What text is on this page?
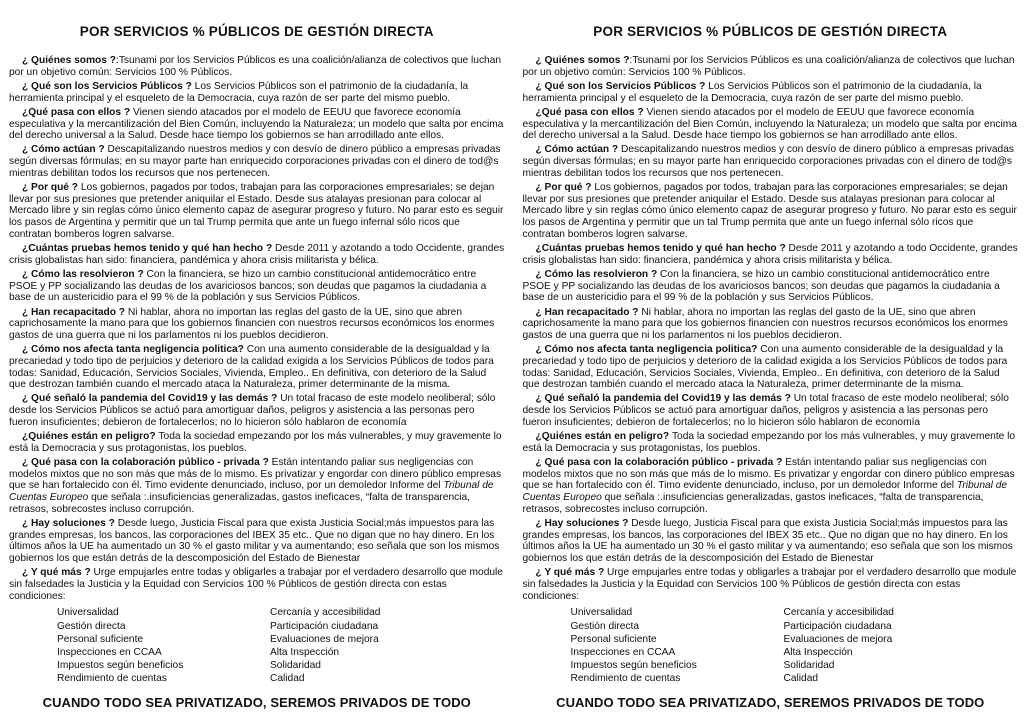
POR SERVICIOS % PÚBLICOS DE GESTIÓN DIRECTA

¿ Quiénes somos ?:Tsunami por los Servicios Públicos es una coalición/alianza de colectivos que luchan por un objetivo común: Servicios 100 % Públicos.

¿ Qué son los Servicios Públicos ? Los Servicios Públicos son el patrimonio de la ciudadanía, la herramienta principal y el esqueleto de la Democracia, cuya razón de ser parte del mismo pueblo.

¿Qué pasa con ellos ? Vienen siendo atacados por el modelo de EEUU que favorece economía especulativa y la mercantilización del Bien Común, incluyendo la Naturaleza; un modelo que salta por encima del derecho universal a la Salud. Desde hace tiempo los gobiernos se han arrodillado ante ellos.

¿ Cómo actúan ? Descapitalizando nuestros medios y con desvío de dinero público a empresas privadas según diversas fórmulas; en su mayor parte han enriquecido corporaciones privadas con el dinero de tod@s mientras debilitan todos los recursos que nos pertenecen.

¿ Por qué ? Los gobiernos, pagados por todos, trabajan para las corporaciones empresariales; se dejan llevar por sus presiones que pretender aniquilar el Estado. Desde sus atalayas presionan para colocar al Mercado libre y sin reglas cómo único elemento capaz de asegurar progreso y futuro. No parar esto es seguir los pasos de Argentina y permitir que un tal Trump permita que ante un fuego infernal sólo ricos que contratan bomberos logren salvarse.

¿Cuántas pruebas hemos tenido y qué han hecho ? Desde 2011 y azotando a todo Occidente, grandes crisis globalistas han sido: financiera, pandémica y ahora crisis militarista y bélica.

¿ Cómo las resolvieron ? Con la financiera, se hizo un cambio constitucional antidemocrático entre PSOE y PP socializando las deudas de los avariciosos bancos; son deudas que pagamos la ciudadania a base de un austericidio para el 99 % de la población y sus Servicios Públicos.

¿ Han recapacitado ? Ni hablar, ahora no importan las reglas del gasto de la UE, sino que abren caprichosamente la mano para que los gobiernos financien con nuestros recursos económicos los enormes gastos de una guerra que ni los parlamentos ni los pueblos decidieron.

¿ Cómo nos afecta tanta negligencia politica? Con una aumento considerable de la desigualdad y la precariedad y todo tipo de perjuicios y deterioro de la calidad exigida a los Servicios Públicos de todos para todas: Sanidad, Educación, Servicios Sociales, Vivienda, Empleo.. En definitiva, con deterioro de la Salud que destrozan también cuando el mercado ataca la Naturaleza, primer determinante de la misma.

¿ Qué señaló la pandemia del Covid19 y las demás ? Un total fracaso de este modelo neoliberal; sólo desde los Servicios Públicos se actuó para amortiguar daños, peligros y asistencia a las personas pero fueron insuficientes; debieron de fortalecerlos; no lo hicieron sólo hablaron de economía

¿Quiénes están en peligro? Toda la sociedad empezando por los más vulnerables, y muy gravemente lo está la Democracia y sus protagonistas, los pueblos.

¿ Qué pasa con la colaboración público - privada ? Están intentando paliar sus negligencias con modelos mixtos que no son más que más de lo mismo. Es privatizar y engordar con dinero público empresas que se han fortalecido con él. Timo evidente denunciado, incluso, por un demoledor Informe del Tribunal de Cuentas Europeo que señala :.insuficiencias generalizadas, gastos ineficaces, “falta de transparencia, retrasos, sobrecostes incluso corrupción.

¿ Hay soluciones ? Desde luego, Justicia Fiscal para que exista Justicia Social;más impuestos para las grandes empresas, los bancos, las corporaciones del IBEX 35 etc.. Que no digan que no hay dinero. En los últimos años la UE ha aumentado un 30 % el gasto militar y va aumentando; eso señala que son los mismos gobiernos los que están detrás de la descomposición del Estado de Bienestar

¿ Y qué más ? Urge empujarles entre todas y obligarles a trabajar por el verdadero desarrollo que module sin falsedades la Justicia y la Equidad con Servicios 100 % Públicos de gestión directa con estas condiciones:

Universalidad
Gestión directa
Personal suficiente
Inspecciones en CCAA
Impuestos según beneficios
Rendimiento de cuentas
Cercanía y accesibilidad
Participación ciudadana
Evaluaciones de mejora
Alta Inspección
Solidaridad
Calidad
CUANDO TODO SEA PRIVATIZADO, SEREMOS PRIVADOS DE TODO
POR SERVICIOS % PÚBLICOS DE GESTIÓN DIRECTA

¿ Quiénes somos ?:Tsunami por los Servicios Públicos es una coalición/alianza de colectivos que luchan por un objetivo común: Servicios 100 % Públicos.

¿ Qué son los Servicios Públicos ? Los Servicios Públicos son el patrimonio de la ciudadanía, la herramienta principal y el esqueleto de la Democracia, cuya razón de ser parte del mismo pueblo.

¿Qué pasa con ellos ? Vienen siendo atacados por el modelo de EEUU que favorece economía especulativa y la mercantilización del Bien Común, incluyendo la Naturaleza; un modelo que salta por encima del derecho universal a la Salud. Desde hace tiempo los gobiernos se han arrodillado ante ellos.

¿ Cómo actúan ? Descapitalizando nuestros medios y con desvío de dinero público a empresas privadas según diversas fórmulas; en su mayor parte han enriquecido corporaciones privadas con el dinero de tod@s mientras debilitan todos los recursos que nos pertenecen.

¿ Por qué ? Los gobiernos, pagados por todos, trabajan para las corporaciones empresariales; se dejan llevar por sus presiones que pretender aniquilar el Estado. Desde sus atalayas presionan para colocar al Mercado libre y sin reglas cómo único elemento capaz de asegurar progreso y futuro. No parar esto es seguir los pasos de Argentina y permitir que un tal Trump permita que ante un fuego infernal sólo ricos que contratan bomberos logren salvarse.

¿Cuántas pruebas hemos tenido y qué han hecho ? Desde 2011 y azotando a todo Occidente, grandes crisis globalistas han sido: financiera, pandémica y ahora crisis militarista y bélica.

¿ Cómo las resolvieron ? Con la financiera, se hizo un cambio constitucional antidemocrático entre PSOE y PP socializando las deudas de los avariciosos bancos; son deudas que pagamos la ciudadania a base de un austericidio para el 99 % de la población y sus Servicios Públicos.

¿ Han recapacitado ? Ni hablar, ahora no importan las reglas del gasto de la UE, sino que abren caprichosamente la mano para que los gobiernos financien con nuestros recursos económicos los enormes gastos de una guerra que ni los parlamentos ni los pueblos decidieron.

¿ Cómo nos afecta tanta negligencia politica? Con una aumento considerable de la desigualdad y la precariedad y todo tipo de perjuicios y deterioro de la calidad exigida a los Servicios Públicos de todos para todas: Sanidad, Educación, Servicios Sociales, Vivienda, Empleo.. En definitiva, con deterioro de la Salud que destrozan también cuando el mercado ataca la Naturaleza, primer determinante de la misma.

¿ Qué señaló la pandemia del Covid19 y las demás ? Un total fracaso de este modelo neoliberal; sólo desde los Servicios Públicos se actuó para amortiguar daños, peligros y asistencia a las personas pero fueron insuficientes; debieron de fortalecerlos; no lo hicieron sólo hablaron de economía

¿Quiénes están en peligro? Toda la sociedad empezando por los más vulnerables, y muy gravemente lo está la Democracia y sus protagonistas, los pueblos.

¿ Qué pasa con la colaboración público - privada ? Están intentando paliar sus negligencias con modelos mixtos que no son más que más de lo mismo. Es privatizar y engordar con dinero público empresas que se han fortalecido con él. Timo evidente denunciado, incluso, por un demoledor Informe del Tribunal de Cuentas Europeo que señala :.insuficiencias generalizadas, gastos ineficaces, “falta de transparencia, retrasos, sobrecostes incluso corrupción.

¿ Hay soluciones ? Desde luego, Justicia Fiscal para que exista Justicia Social;más impuestos para las grandes empresas, los bancos, las corporaciones del IBEX 35 etc.. Que no digan que no hay dinero. En los últimos años la UE ha aumentado un 30 % el gasto militar y va aumentando; eso señala que son los mismos gobiernos los que están detrás de la descomposición del Estado de Bienestar

¿ Y qué más ? Urge empujarles entre todas y obligarles a trabajar por el verdadero desarrollo que module sin falsedades la Justicia y la Equidad con Servicios 100 % Públicos de gestión directa con estas condiciones:

Universalidad
Gestión directa
Personal suficiente
Inspecciones en CCAA
Impuestos según beneficios
Rendimiento de cuentas
Cercanía y accesibilidad
Participación ciudadana
Evaluaciones de mejora
Alta Inspección
Solidaridad
Calidad
CUANDO TODO SEA PRIVATIZADO, SEREMOS PRIVADOS DE TODO
